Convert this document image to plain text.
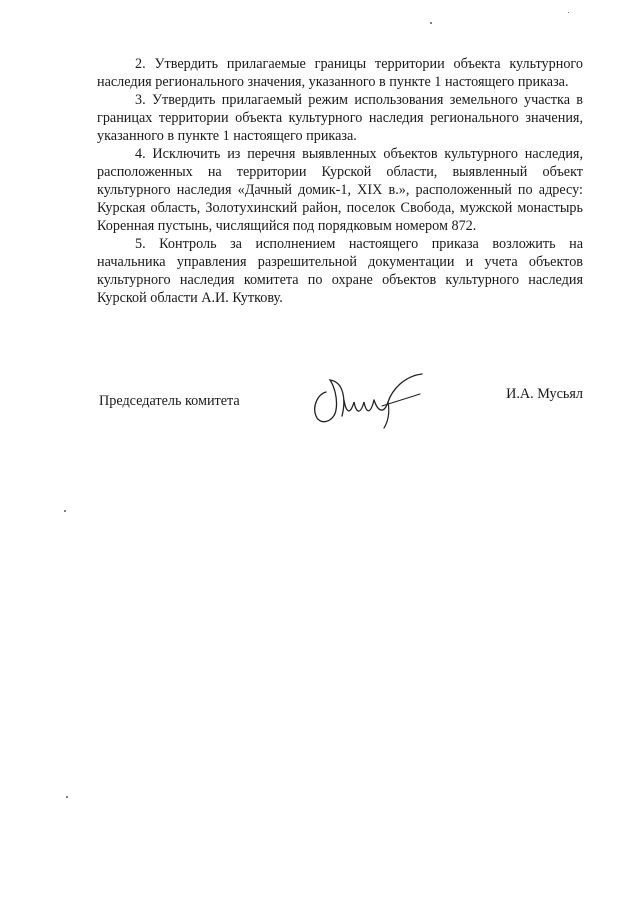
2. Утвердить прилагаемые границы территории объекта культурного наследия регионального значения, указанного в пункте 1 настоящего приказа.

3. Утвердить прилагаемый режим использования земельного участка в границах территории объекта культурного наследия регионального значения, указанного в пункте 1 настоящего приказа.

4. Исключить из перечня выявленных объектов культурного наследия, расположенных на территории Курской области, выявленный объект культурного наследия «Дачный домик-1, XIX в.», расположенный по адресу: Курская область, Золотухинский район, поселок Свобода, мужской монастырь Коренная пустынь, числящийся под порядковым номером 872.

5. Контроль за исполнением настоящего приказа возложить на начальника управления разрешительной документации и учета объектов культурного наследия комитета по охране объектов культурного наследия Курской области А.И. Куткову.

Председатель комитета	И.А. Мусьял
